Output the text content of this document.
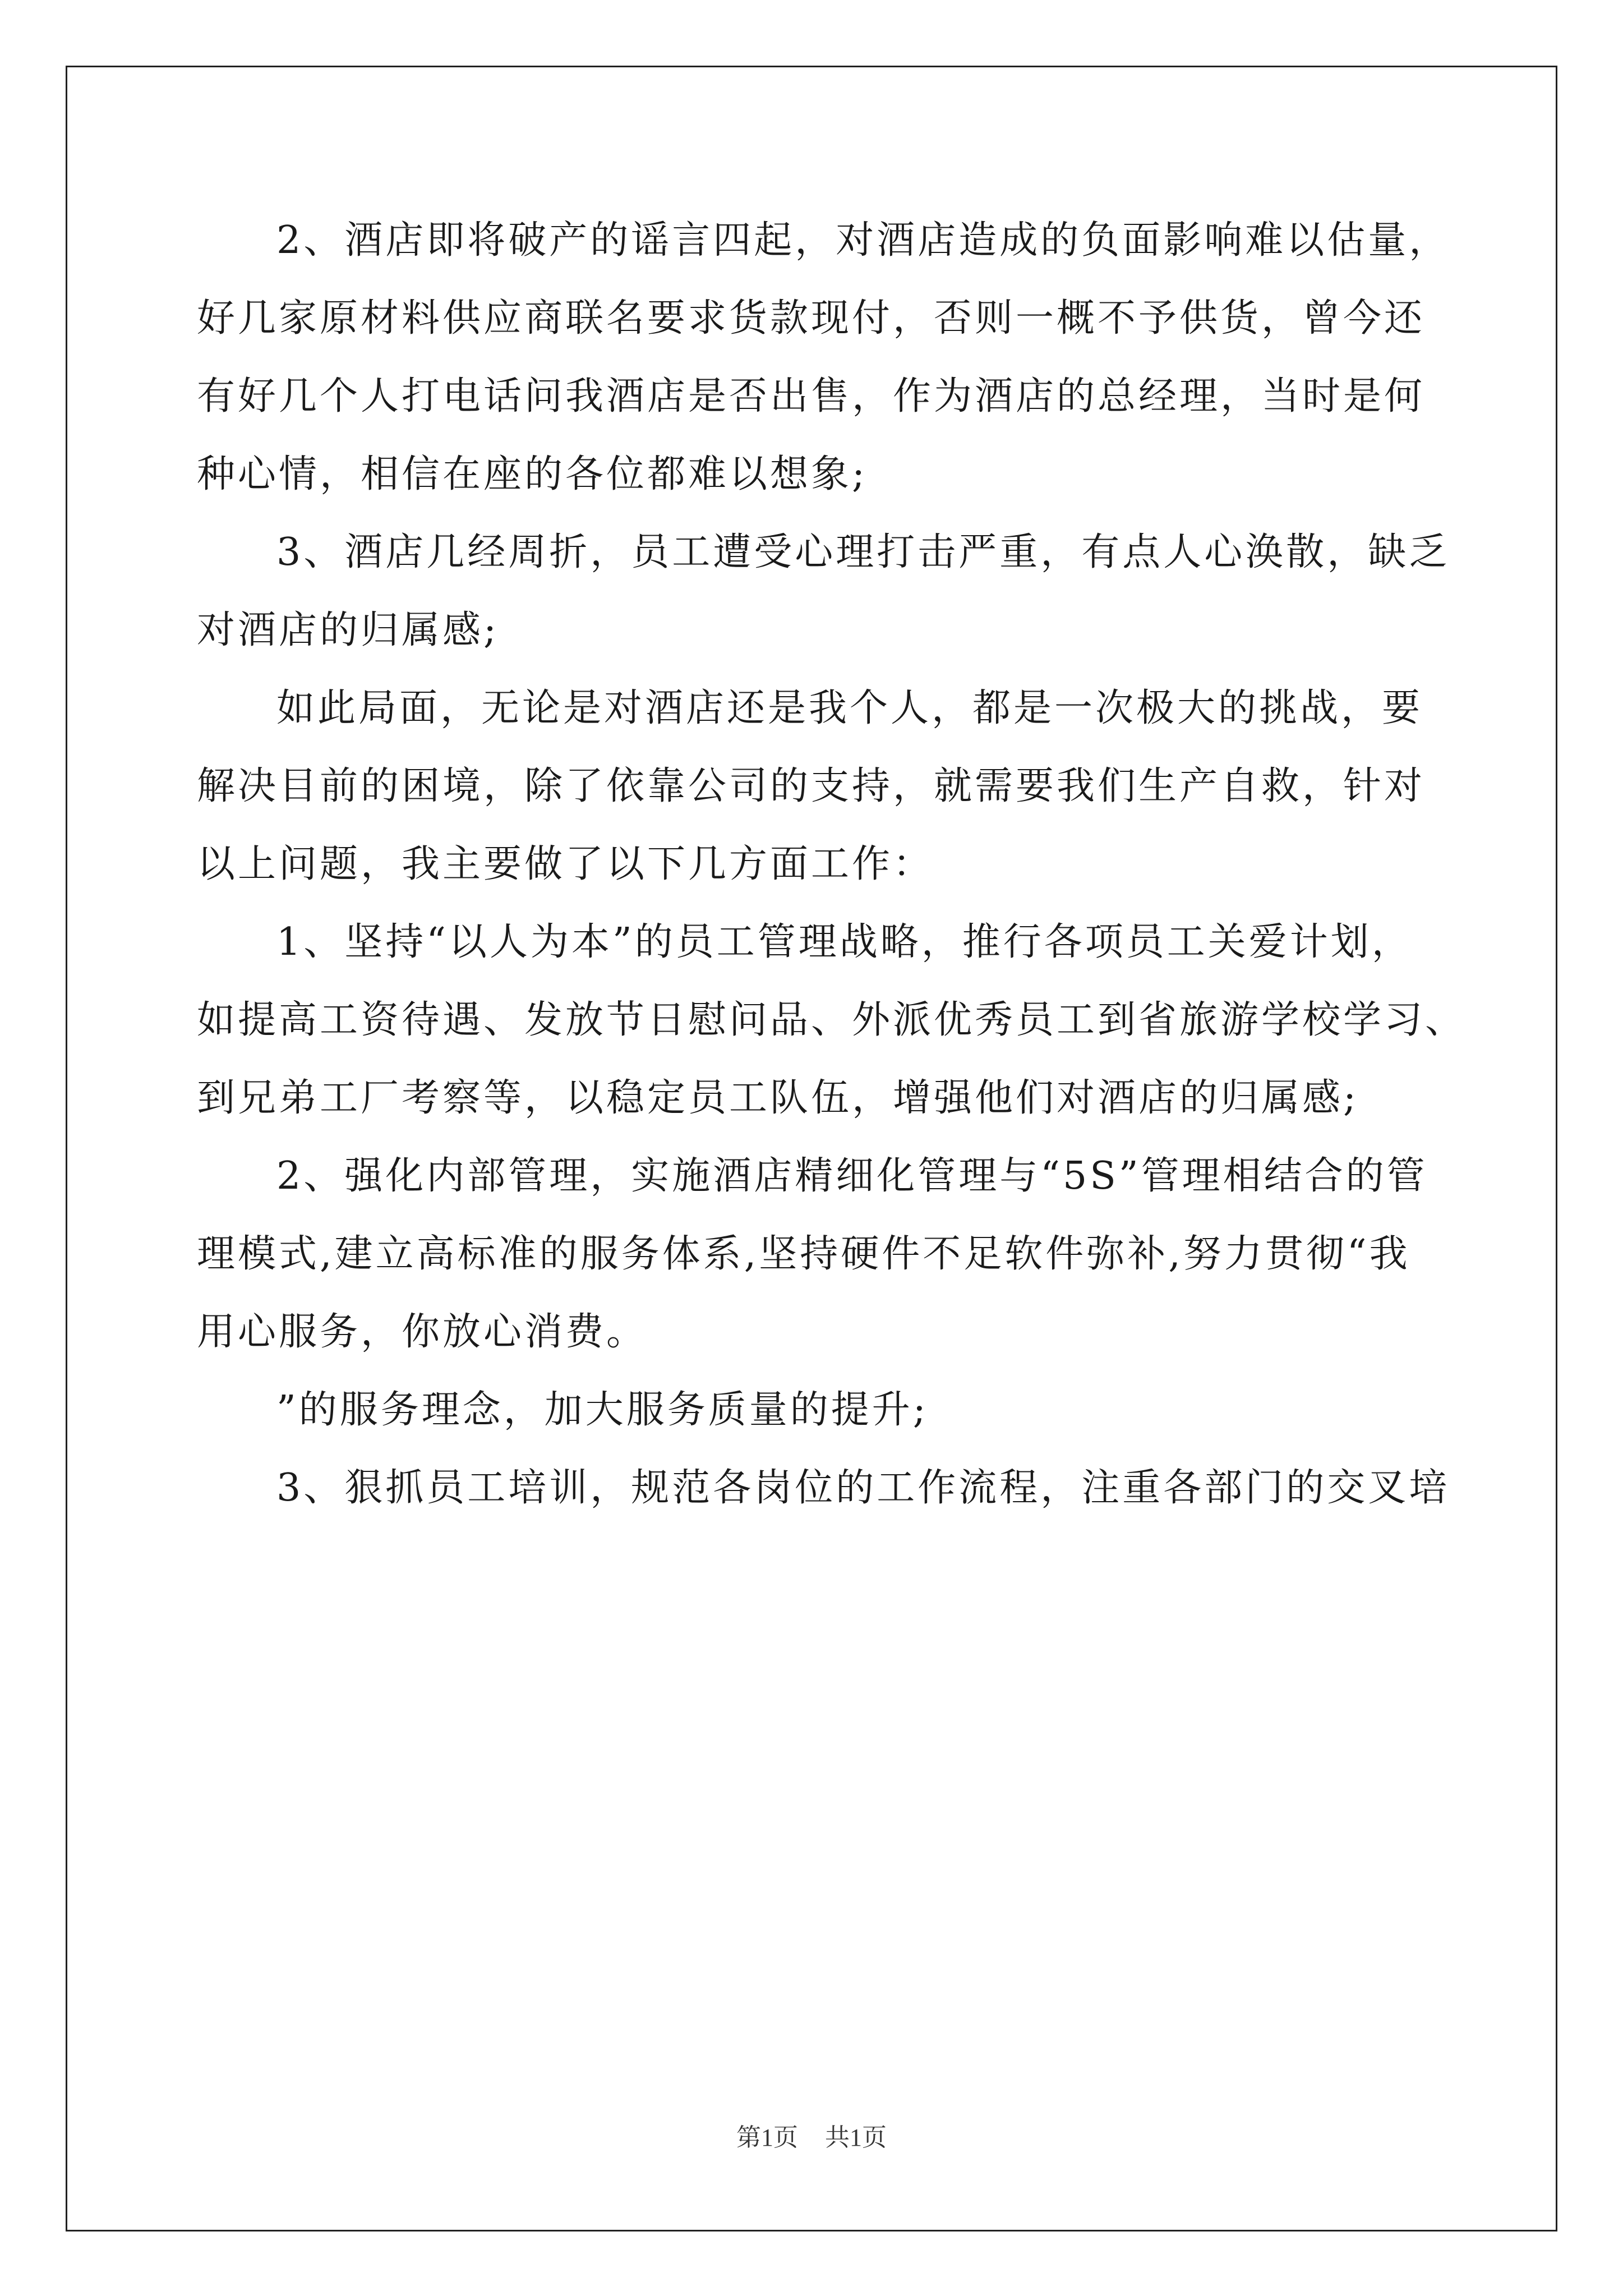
2、酒店即将破产的谣言四起，对酒店造成的负面影响难以估量，
好几家原材料供应商联名要求货款现付，否则一概不予供货，曾今还
有好几个人打电话问我酒店是否出售，作为酒店的总经理，当时是何
种心情，相信在座的各位都难以想象;
3、酒店几经周折，员工遭受心理打击严重，有点人心涣散，缺乏
对酒店的归属感;
如此局面，无论是对酒店还是我个人，都是一次极大的挑战，要
解决目前的困境，除了依靠公司的支持，就需要我们生产自救，针对
以上问题，我主要做了以下几方面工作：
1、坚持“以人为本”的员工管理战略，推行各项员工关爱计划，
如提高工资待遇、发放节日慰问品、外派优秀员工到省旅游学校学习、
到兄弟工厂考察等，以稳定员工队伍，增强他们对酒店的归属感;
2、强化内部管理，实施酒店精细化管理与“5S”管理相结合的管
理模式,建立高标准的服务体系,坚持硬件不足软件弥补,努力贯彻“我
用心服务，你放心消费。
”的服务理念，加大服务质量的提升;
3、狠抓员工培训，规范各岗位的工作流程，注重各部门的交叉培
第1页 共1页
